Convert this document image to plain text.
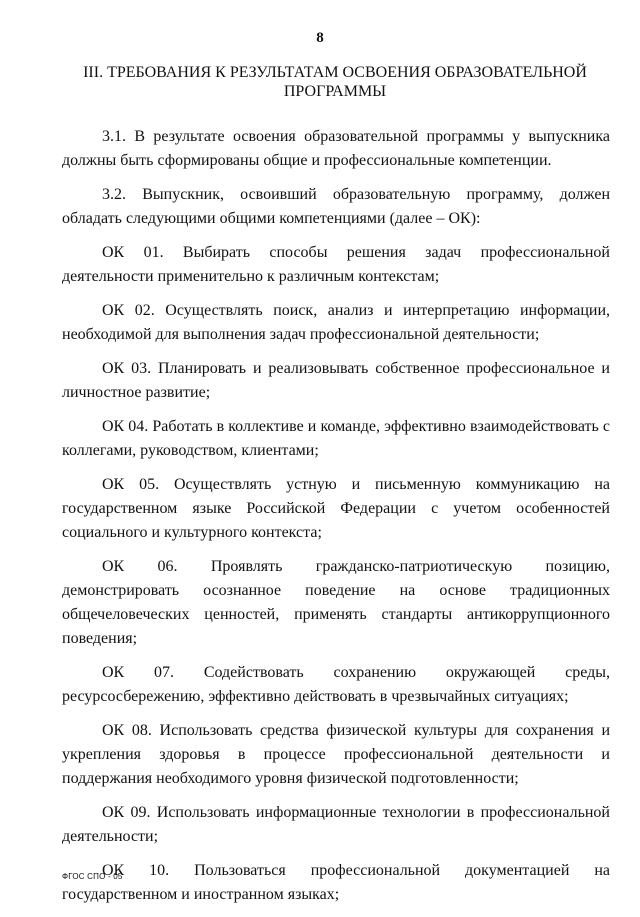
8
III. ТРЕБОВАНИЯ К РЕЗУЛЬТАТАМ ОСВОЕНИЯ ОБРАЗОВАТЕЛЬНОЙ ПРОГРАММЫ

3.1. В результате освоения образовательной программы у выпускника должны быть сформированы общие и профессиональные компетенции.

3.2. Выпускник, освоивший образовательную программу, должен обладать следующими общими компетенциями (далее – ОК):

ОК 01. Выбирать способы решения задач профессиональной деятельности применительно к различным контекстам;

ОК 02. Осуществлять поиск, анализ и интерпретацию информации, необходимой для выполнения задач профессиональной деятельности;

ОК 03. Планировать и реализовывать собственное профессиональное и личностное развитие;

ОК 04. Работать в коллективе и команде, эффективно взаимодействовать с коллегами, руководством, клиентами;

ОК 05. Осуществлять устную и письменную коммуникацию на государственном языке Российской Федерации с учетом особенностей социального и культурного контекста;

ОК 06. Проявлять гражданско-патриотическую позицию, демонстрировать осознанное поведение на основе традиционных общечеловеческих ценностей, применять стандарты антикоррупционного поведения;

ОК 07. Содействовать сохранению окружающей среды, ресурсосбережению, эффективно действовать в чрезвычайных ситуациях;

ОК 08. Использовать средства физической культуры для сохранения и укрепления здоровья в процессе профессиональной деятельности и поддержания необходимого уровня физической подготовленности;

ОК 09. Использовать информационные технологии в профессиональной деятельности;

ОК 10. Пользоваться профессиональной документацией на государственном и иностранном языках;

ФГОС СПО - 05
